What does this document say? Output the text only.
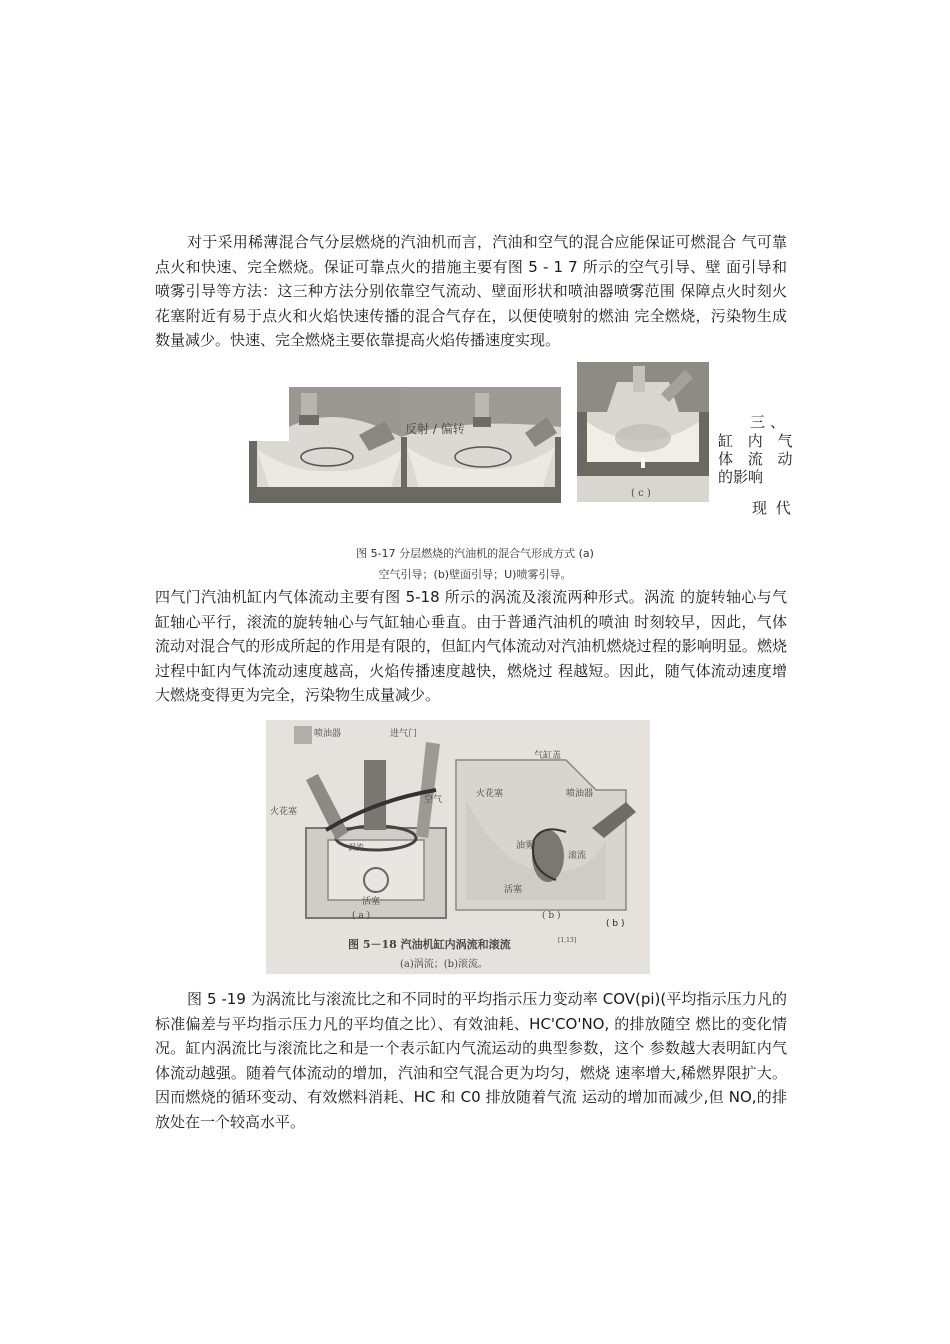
对于采用稀薄混合气分层燃烧的汽油机而言，汽油和空气的混合应能保证可燃混合 气可靠点火和快速、完全燃烧。保证可靠点火的措施主要有图 5 - 1 7 所示的空气引导、壁 面引导和喷雾引导等方法：这三种方法分别依靠空气流动、壁面形状和喷油器喷雾范围 保障点火时刻火花塞附近有易于点火和火焰快速传播的混合气存在，以便使喷射的燃油 完全燃烧，污染物生成数量减少。快速、完全燃烧主要依靠提高火焰传播速度实现。

反射 / 偏转
( c )
三、
缸 内 气
体 流 动
的影响
现 代
图 5-17 分层燃烧的汽油机的混合气形成方式 (a)
空气引导；(b)壁面引导；U)喷雾引导。

四气门汽油机缸内气体流动主要有图 5-18 所示的涡流及滚流两种形式。涡流 的旋转轴心与气缸轴心平行，滚流的旋转轴心与气缸轴心垂直。由于普通汽油机的喷油 时刻较早，因此，气体流动对混合气的形成所起的作用是有限的，但缸内气体流动对汽油机燃烧过程的影响明显。燃烧过程中缸内气体流动速度越高，火焰传播速度越快，燃烧过 程越短。因此，随气体流动速度增大燃烧变得更为完全，污染物生成量减少。

喷油器	进气门
火花塞
空气
涡流
活塞
( a )
气缸盖
火花塞	喷油器
油雾
滚流
活塞
( b )
( b )
图 5－18 汽油机缸内涡流和滚流	[1,13]
(a)涡流；(b)滚流。

图 5 -19 为涡流比与滚流比之和不同时的平均指示压力变动率 COV(pi)(平均指示压力凡的标准偏差与平均指示压力凡的平均值之比）、有效油耗、HC'CO'NO, 的排放随空 燃比的变化情况。缸内涡流比与滚流比之和是一个表示缸内气流运动的典型参数，这个 参数越大表明缸内气体流动越强。随着气体流动的增加，汽油和空气混合更为均匀，燃烧 速率增大,稀燃界限扩大。因而燃烧的循环变动、有效燃料消耗、HC 和 C0 排放随着气流 运动的增加而减少,但 NO,的排放处在一个较高水平。
